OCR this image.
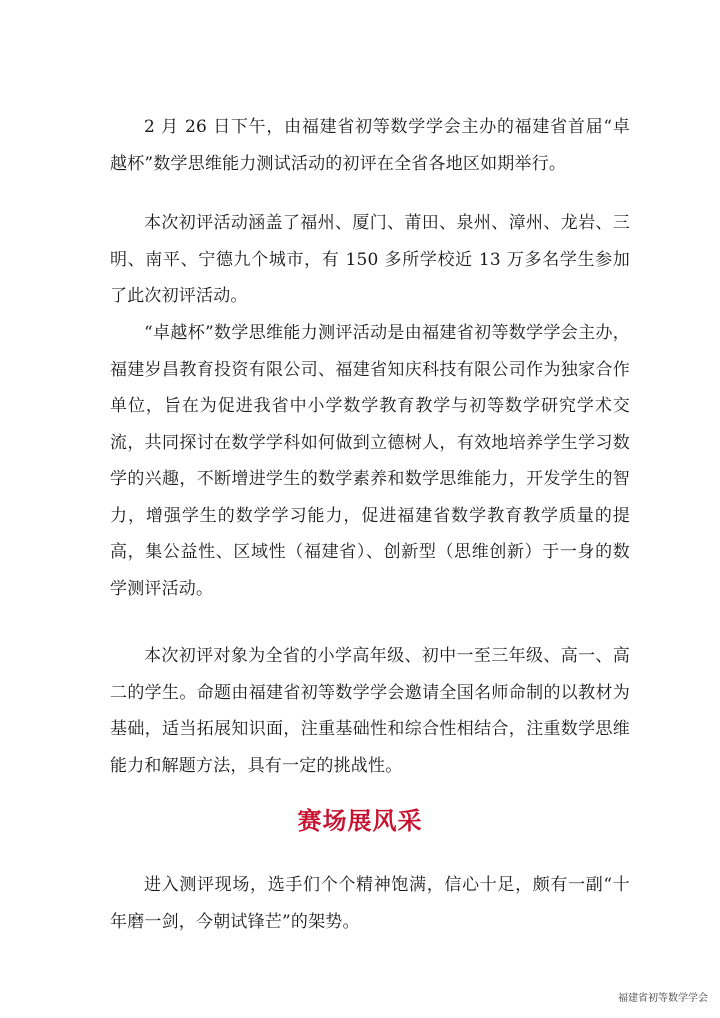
2 月 26 日下午，由福建省初等数学学会主办的福建省首届“卓越杯”数学思维能力测试活动的初评在全省各地区如期举行。

本次初评活动涵盖了福州、厦门、莆田、泉州、漳州、龙岩、三明、南平、宁德九个城市，有 150 多所学校近 13 万多名学生参加了此次初评活动。

“卓越杯”数学思维能力测评活动是由福建省初等数学学会主办，福建岁昌教育投资有限公司、福建省知庆科技有限公司作为独家合作单位，旨在为促进我省中小学数学教育教学与初等数学研究学术交流，共同探讨在数学学科如何做到立德树人，有效地培养学生学习数学的兴趣，不断增进学生的数学素养和数学思维能力，开发学生的智力，增强学生的数学学习能力，促进福建省数学教育教学质量的提高，集公益性、区域性（福建省）、创新型（思维创新）于一身的数学测评活动。

本次初评对象为全省的小学高年级、初中一至三年级、高一、高二的学生。命题由福建省初等数学学会邀请全国名师命制的以教材为基础，适当拓展知识面，注重基础性和综合性相结合，注重数学思维能力和解题方法，具有一定的挑战性。

赛场展风采

进入测评现场，选手们个个精神饱满，信心十足，颇有一副“十年磨一剑，今朝试锋芒”的架势。

福建省初等数学学会
